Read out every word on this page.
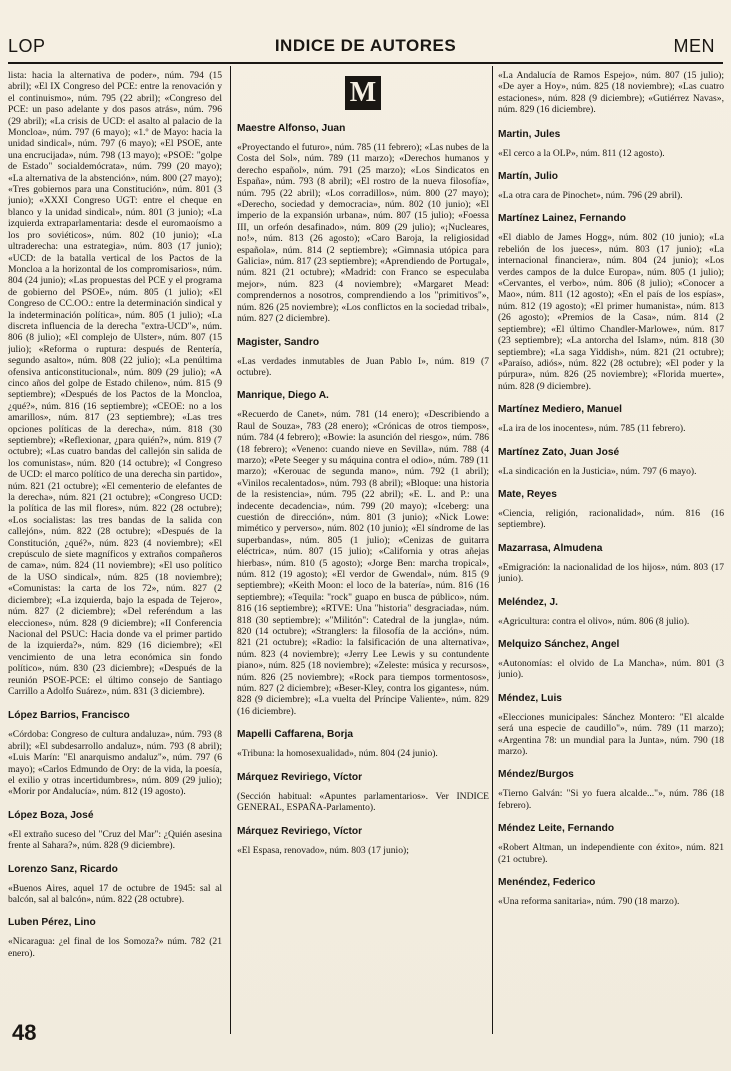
LOP	INDICE DE AUTORES	MEN

lista: hacia la alternativa de poder», núm. 794 (15 abril); «El IX Congreso del PCE: entre la renovación y el continuismo», núm. 795 (22 abril); «Congreso del PCE: un paso adelante y dos pasos atrás», núm. 796 (29 abril); «La crisis de UCD: el asalto al palacio de la Moncloa», núm. 797 (6 mayo); «1.º de Mayo: hacia la unidad sindical», núm. 797 (6 mayo); «El PSOE, ante una encrucijada», núm. 798 (13 mayo); «PSOE: "golpe de Estado" socialdemócrata», núm. 799 (20 mayo); «La alternativa de la abstención», núm. 800 (27 mayo); «Tres gobiernos para una Constitución», núm. 801 (3 junio); «XXXI Congreso UGT: entre el cheque en blanco y la unidad sindical», núm. 801 (3 junio); «La izquierda extraparlamentaria: desde el euromaoísmo a los pro soviéticos», núm. 802 (10 junio); «La ultraderecha: una estrategia», núm. 803 (17 junio); «UCD: de la batalla vertical de los Pactos de la Moncloa a la horizontal de los compromisarios», núm. 804 (24 junio); «Las propuestas del PCE y el programa de gobierno del PSOE», núm. 805 (1 julio); «El Congreso de CC.OO.: entre la determinación sindical y la indeterminación política», núm. 805 (1 julio); «La discreta influencia de la derecha "extra-UCD"», núm. 806 (8 julio); «El complejo de Ulster», núm. 807 (15 julio); «Reforma o ruptura: después de Rentería, segundo asalto», núm. 808 (22 julio); «La penúltima ofensiva anticonstitucional», núm. 809 (29 julio); «A cinco años del golpe de Estado chileno», núm. 815 (9 septiembre); «Después de los Pactos de la Moncloa, ¿qué?», núm. 816 (16 septiembre); «CEOE: no a los amarillos», núm. 817 (23 septiembre); «Las tres opciones políticas de la derecha», núm. 818 (30 septiembre); «Reflexionar, ¿para quién?», núm. 819 (7 octubre); «Las cuatro bandas del callejón sin salida de los comunistas», núm. 820 (14 octubre); «I Congreso de UCD: el marco político de una derecha sin partido», núm. 821 (21 octubre); «El cementerio de elefantes de la derecha», núm. 821 (21 octubre); «Congreso UCD: la política de las mil flores», núm. 822 (28 octubre); «Los socialistas: las tres bandas de la salida con callejón», núm. 822 (28 octubre); «Después de la Constitución, ¿qué?», núm. 823 (4 noviembre); «El crepúsculo de siete magníficos y extraños compañeros de cama», núm. 824 (11 noviembre); «El uso político de la USO sindical», núm. 825 (18 noviembre); «Comunistas: la carta de los 72», núm. 827 (2 diciembre); «La izquierda, bajo la espada de Tejero», núm. 827 (2 diciembre); «Del referéndum a las elecciones», núm. 828 (9 diciembre); «II Conferencia Nacional del PSUC: Hacia donde va el primer partido de la izquierda?», núm. 829 (16 diciembre); «El vencimiento de una letra económica sin fondo político», núm. 830 (23 diciembre); «Después de la reunión PSOE-PCE: el último consejo de Santiago Carrillo a Adolfo Suárez», núm. 831 (3 diciembre).

López Barrios, Francisco

«Córdoba: Congreso de cultura andaluza», núm. 793 (8 abril); «El subdesarrollo andaluz», núm. 793 (8 abril); «Luis Marín: "El anarquismo andaluz"», núm. 797 (6 mayo); «Carlos Edmundo de Ory: de la vida, la poesía, el exilio y otras incertidumbres», núm. 809 (29 julio); «Morir por Andalucía», núm. 812 (19 agosto).

López Boza, José

«El extraño suceso del "Cruz del Mar": ¿Quién asesina frente al Sahara?», núm. 828 (9 diciembre).

Lorenzo Sanz, Ricardo

«Buenos Aires, aquel 17 de octubre de 1945: sal al balcón, sal al balcón», núm. 822 (28 octubre).

Luben Pérez, Lino

«Nicaragua: ¿el final de los Somoza?» núm. 782 (21 enero).

M
Maestre Alfonso, Juan

«Proyectando el futuro», núm. 785 (11 febrero); «Las nubes de la Costa del Sol», núm. 789 (11 marzo); «Derechos humanos y derecho español», núm. 791 (25 marzo); «Los Sindicatos en España», núm. 793 (8 abril); «El rostro de la nueva filosofía», núm. 795 (22 abril); «Los corradillos», núm. 800 (27 mayo); «Derecho, sociedad y democracia», núm. 802 (10 junio); «El imperio de la expansión urbana», núm. 807 (15 julio); «Foessa III, un orfeón desafinado», núm. 809 (29 julio); «¡Nucleares, no!», núm. 813 (26 agosto); «Caro Baroja, la religiosidad española», núm. 814 (2 septiembre); «Gimnasia utópica para Galicia», núm. 817 (23 septiembre); «Aprendiendo de Portugal», núm. 821 (21 octubre); «Madrid: con Franco se especulaba mejor», núm. 823 (4 noviembre); «Margaret Mead: comprendernos a nosotros, comprendiendo a los "primitivos"», núm. 826 (25 noviembre); «Los conflictos en la sociedad tribal», núm. 827 (2 diciembre).

Magister, Sandro

«Las verdades inmutables de Juan Pablo I», núm. 819 (7 octubre).

Manrique, Diego A.

«Recuerdo de Canet», núm. 781 (14 enero); «Describiendo a Raul de Souza», 783 (28 enero); «Crónicas de otros tiempos», núm. 784 (4 febrero); «Bowie: la asunción del riesgo», núm. 786 (18 febrero); «Veneno: cuando nieve en Sevilla», núm. 788 (4 marzo); «Pete Seeger y su máquina contra el odio», núm. 789 (11 marzo); «Kerouac de segunda mano», núm. 792 (1 abril); «Vinilos recalentados», núm. 793 (8 abril); «Bloque: una historia de la resistencia», núm. 795 (22 abril); «E. L. and P.: una indecente decadencia», núm. 799 (20 mayo); «Iceberg: una cuestión de dirección», núm. 801 (3 junio); «Nick Lowe: mimético y perverso», núm. 802 (10 junio); «El síndrome de las superbandas», núm. 805 (1 julio); «Cenizas de guitarra eléctrica», núm. 807 (15 julio); «California y otras añejas hierbas», núm. 810 (5 agosto); «Jorge Ben: marcha tropical», núm. 812 (19 agosto); «El verdor de Gwendal», núm. 815 (9 septiembre); «Keith Moon: el loco de la batería», núm. 816 (16 septiembre); «Tequila: "rock" guapo en busca de público», núm. 816 (16 septiembre); «RTVE: Una "historia" desgraciada», núm. 818 (30 septiembre); «"Militón": Catedral de la jungla», núm. 820 (14 octubre); «Stranglers: la filosofía de la acción», núm. 821 (21 octubre); «Radio: la falsificación de una alternativa», núm. 823 (4 noviembre); «Jerry Lee Lewis y su contundente piano», núm. 825 (18 noviembre); «Zeleste: música y recursos», núm. 826 (25 noviembre); «Rock para tiempos tormentosos», núm. 827 (2 diciembre); «Beser-Kley, contra los gigantes», núm. 828 (9 diciembre); «La vuelta del Príncipe Valiente», núm. 829 (16 diciembre).

Mapelli Caffarena, Borja

«Tribuna: la homosexualidad», núm. 804 (24 junio).

Márquez Reviriego, Víctor

(Sección habitual: «Apuntes parlamentarios». Ver INDICE GENERAL, ESPAÑA-Parlamento).

Márquez Reviriego, Víctor

«El Espasa, renovado», núm. 803 (17 junio);

«La Andalucía de Ramos Espejo», núm. 807 (15 julio); «De ayer a Hoy», núm. 825 (18 noviembre); «Las cuatro estaciones», núm. 828 (9 diciembre); «Gutiérrez Navas», núm. 829 (16 diciembre).

Martin, Jules

«El cerco a la OLP», núm. 811 (12 agosto).

Martín, Julio

«La otra cara de Pinochet», núm. 796 (29 abril).

Martínez Lainez, Fernando

«El diablo de James Hogg», núm. 802 (10 junio); «La rebelión de los jueces», núm. 803 (17 junio); «La internacional financiera», núm. 804 (24 junio); «Los verdes campos de la dulce Europa», núm. 805 (1 julio); «Cervantes, el verbo», núm. 806 (8 julio); «Conocer a Mao», núm. 811 (12 agosto); «En el país de los espías», núm. 812 (19 agosto); «El primer humanista», núm. 813 (26 agosto); «Premios de la Casa», núm. 814 (2 septiembre); «El último Chandler-Marlowe», núm. 817 (23 septiembre); «La antorcha del Islam», núm. 818 (30 septiembre); «La saga Yiddish», núm. 821 (21 octubre); «Paraíso, adiós», núm. 822 (28 octubre); «El poder y la púrpura», núm. 826 (25 noviembre); «Florida muerte», núm. 828 (9 diciembre).

Martínez Mediero, Manuel

«La ira de los inocentes», núm. 785 (11 febrero).

Martínez Zato, Juan José

«La sindicación en la Justicia», núm. 797 (6 mayo).

Mate, Reyes

«Ciencia, religión, racionalidad», núm. 816 (16 septiembre).

Mazarrasa, Almudena

«Emigración: la nacionalidad de los hijos», núm. 803 (17 junio).

Meléndez, J.

«Agricultura: contra el olivo», núm. 806 (8 julio).

Melquizo Sánchez, Angel

«Autonomías: el olvido de La Mancha», núm. 801 (3 junio).

Méndez, Luis

«Elecciones municipales: Sánchez Montero: "El alcalde será una especie de caudillo"», núm. 789 (11 marzo); «Argentina 78: un mundial para la Junta», núm. 790 (18 marzo).

Méndez/Burgos

«Tierno Galván: "Si yo fuera alcalde..."», núm. 786 (18 febrero).

Méndez Leite, Fernando

«Robert Altman, un independiente con éxito», núm. 821 (21 octubre).

Menéndez, Federico

«Una reforma sanitaria», núm. 790 (18 marzo).

48
